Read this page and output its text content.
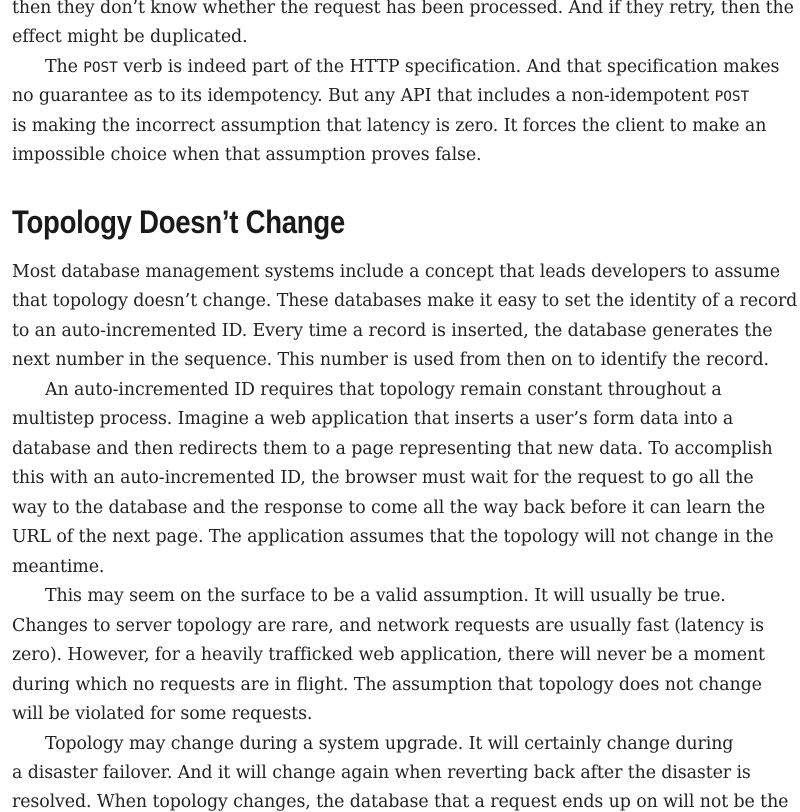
then they don’t know whether the request has been processed. And if they retry, then the
effect might be duplicated.
The POST verb is indeed part of the HTTP specification. And that specification makes
no guarantee as to its idempotency. But any API that includes a non-idempotent POST
is making the incorrect assumption that latency is zero. It forces the client to make an
impossible choice when that assumption proves false.
Topology Doesn’t Change
Most database management systems include a concept that leads developers to assume
that topology doesn’t change. These databases make it easy to set the identity of a record
to an auto-incremented ID. Every time a record is inserted, the database generates the
next number in the sequence. This number is used from then on to identify the record.
An auto-incremented ID requires that topology remain constant throughout a
multistep process. Imagine a web application that inserts a user’s form data into a
database and then redirects them to a page representing that new data. To accomplish
this with an auto-incremented ID, the browser must wait for the request to go all the
way to the database and the response to come all the way back before it can learn the
URL of the next page. The application assumes that the topology will not change in the
meantime.
This may seem on the surface to be a valid assumption. It will usually be true.
Changes to server topology are rare, and network requests are usually fast (latency is
zero). However, for a heavily trafficked web application, there will never be a moment
during which no requests are in flight. The assumption that topology does not change
will be violated for some requests.
Topology may change during a system upgrade. It will certainly change during
a disaster failover. And it will change again when reverting back after the disaster is
resolved. When topology changes, the database that a request ends up on will not be the
